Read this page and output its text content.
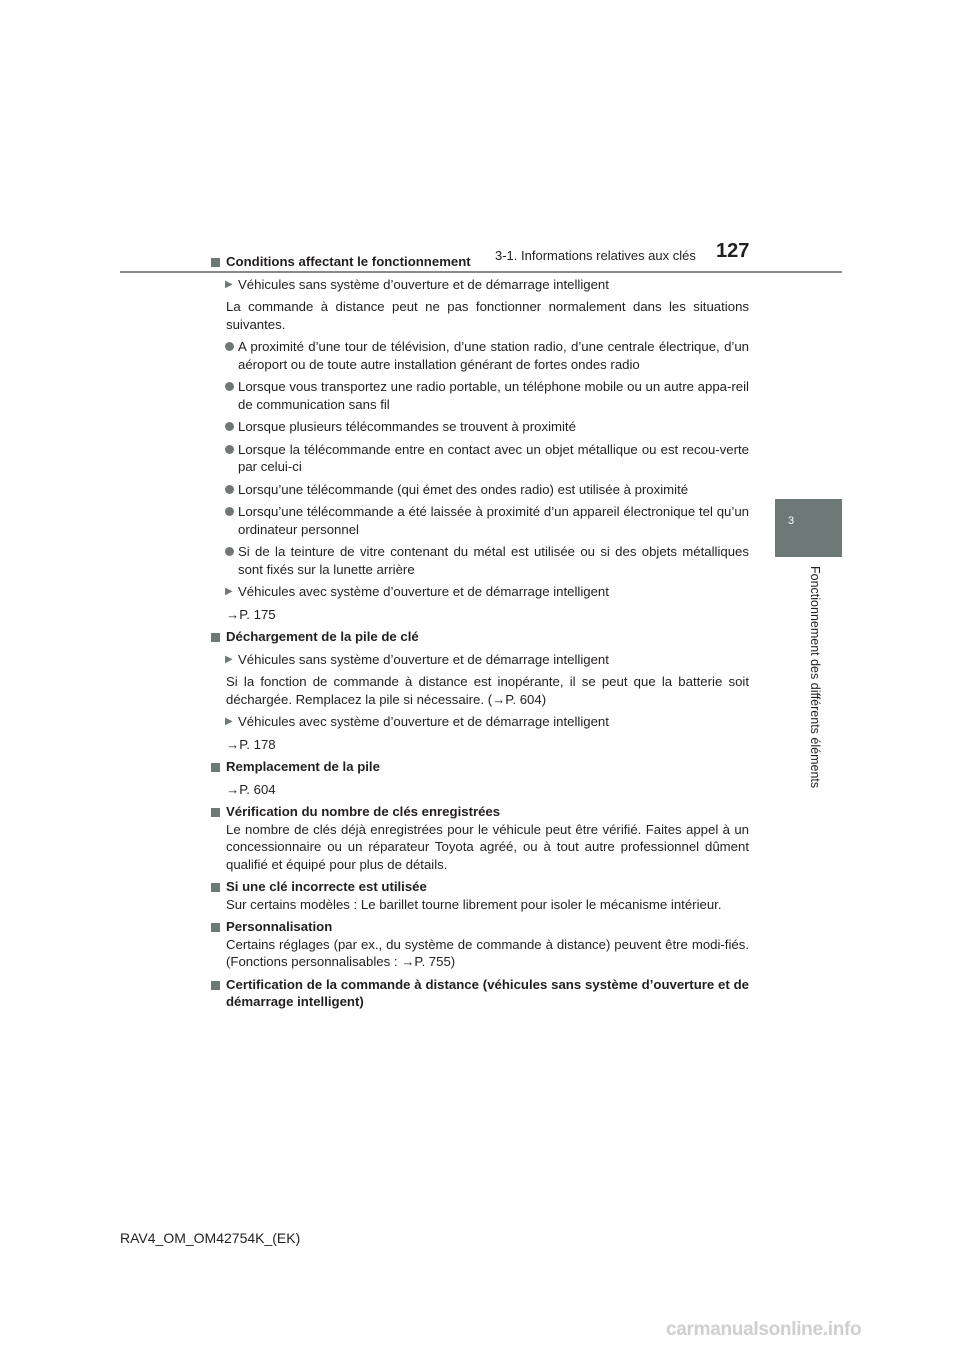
3-1. Informations relatives aux clés 127
3
Fonctionnement des différents éléments
Conditions affectant le fonctionnement
▶ Véhicules sans système d’ouverture et de démarrage intelligent
La commande à distance peut ne pas fonctionner normalement dans les situations suivantes.
A proximité d’une tour de télévision, d’une station radio, d’une centrale électrique, d’un aéroport ou de toute autre installation générant de fortes ondes radio
Lorsque vous transportez une radio portable, un téléphone mobile ou un autre appa-reil de communication sans fil
Lorsque plusieurs télécommandes se trouvent à proximité
Lorsque la télécommande entre en contact avec un objet métallique ou est recou-verte par celui-ci
Lorsqu’une télécommande (qui émet des ondes radio) est utilisée à proximité
Lorsqu’une télécommande a été laissée à proximité d’un appareil électronique tel qu’un ordinateur personnel
Si de la teinture de vitre contenant du métal est utilisée ou si des objets métalliques sont fixés sur la lunette arrière
▶ Véhicules avec système d’ouverture et de démarrage intelligent
→P. 175
Déchargement de la pile de clé
▶ Véhicules sans système d’ouverture et de démarrage intelligent
Si la fonction de commande à distance est inopérante, il se peut que la batterie soit déchargée. Remplacez la pile si nécessaire. (→P. 604)
▶ Véhicules avec système d’ouverture et de démarrage intelligent
→P. 178
Remplacement de la pile
→P. 604
Vérification du nombre de clés enregistrées
Le nombre de clés déjà enregistrées pour le véhicule peut être vérifié. Faites appel à un concessionnaire ou un réparateur Toyota agréé, ou à tout autre professionnel dûment qualifié et équipé pour plus de détails.
Si une clé incorrecte est utilisée
Sur certains modèles : Le barillet tourne librement pour isoler le mécanisme intérieur.
Personnalisation
Certains réglages (par ex., du système de commande à distance) peuvent être modi-fiés. (Fonctions personnalisables : →P. 755)
Certification de la commande à distance (véhicules sans système d’ouverture et de démarrage intelligent)
RAV4_OM_OM42754K_(EK)
carmanualsonline.info
